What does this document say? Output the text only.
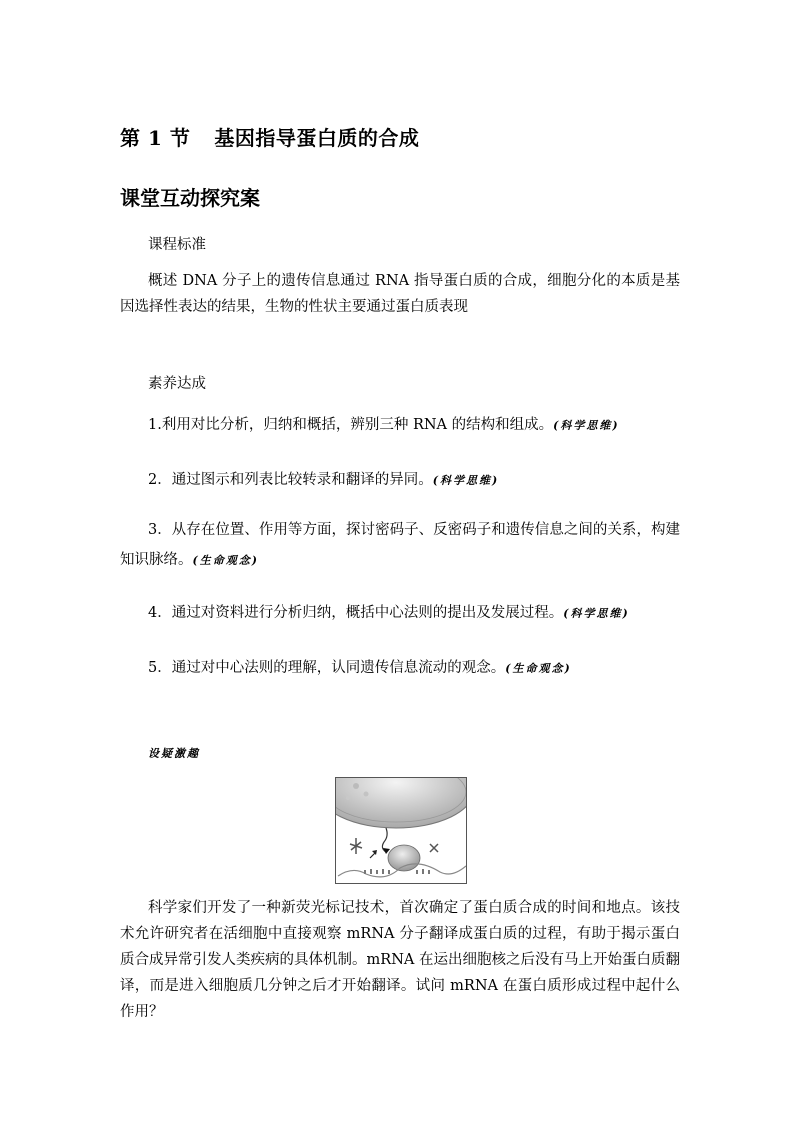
第 1 节 基因指导蛋白质的合成
课堂互动探究案
课程标准
概述 DNA 分子上的遗传信息通过 RNA 指导蛋白质的合成，细胞分化的本质是基因选择性表达的结果，生物的性状主要通过蛋白质表现
素养达成
1.利用对比分析，归纳和概括，辨别三种 RNA 的结构和组成。(科学思维)
2．通过图示和列表比较转录和翻译的异同。(科学思维)
3．从存在位置、作用等方面，探讨密码子、反密码子和遗传信息之间的关系，构建知识脉络。(生命观念)
4．通过对资料进行分析归纳，概括中心法则的提出及发展过程。(科学思维)
5．通过对中心法则的理解，认同遗传信息流动的观念。(生命观念)
设疑激趣
科学家们开发了一种新荧光标记技术，首次确定了蛋白质合成的时间和地点。该技术允许研究者在活细胞中直接观察 mRNA 分子翻译成蛋白质的过程，有助于揭示蛋白质合成异常引发人类疾病的具体机制。mRNA 在运出细胞核之后没有马上开始蛋白质翻译，而是进入细胞质几分钟之后才开始翻译。试问 mRNA 在蛋白质形成过程中起什么作用？
